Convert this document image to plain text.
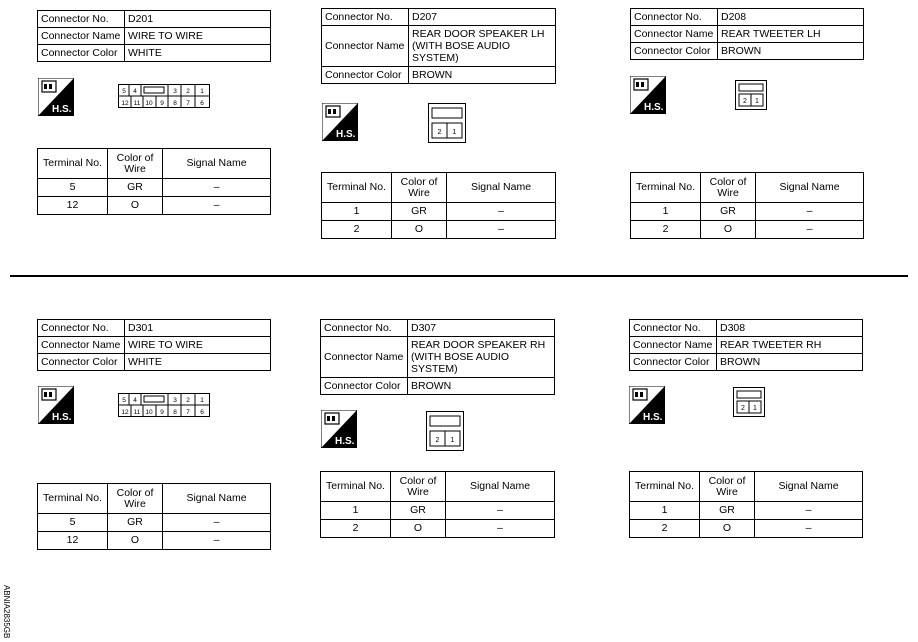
Connector No.	D201
Connector Name	WIRE TO WIRE
Connector Color	WHITE
H.S.
5 4	3 2 1
12 11 10 9 8 7 6
Terminal No.	Color of Wire	Signal Name
5	GR	–
12	O	–
Connector No.	D207
Connector Name	REAR DOOR SPEAKER LH (WITH BOSE AUDIO SYSTEM)
Connector Color	BROWN
H.S.	2 1
Terminal No.	Color of Wire	Signal Name
1	GR	–
2	O	–
Connector No.	D208
Connector Name	REAR TWEETER LH
Connector Color	BROWN
H.S.
2 1
Terminal No.	Color of Wire	Signal Name
1	GR	–
2	O	–
Connector No.	D301
Connector Name	WIRE TO WIRE
Connector Color	WHITE
H.S.
5 4	3 2 1
12 11 10 9 8 7 6
Terminal No.	Color of Wire	Signal Name
5	GR	–
12	O	–
Connector No.	D307
Connector Name	REAR DOOR SPEAKER RH (WITH BOSE AUDIO SYSTEM)
Connector Color	BROWN
H.S.	2 1
Terminal No.	Color of Wire	Signal Name
1	GR	–
2	O	–
Connector No.	D308
Connector Name	REAR TWEETER RH
Connector Color	BROWN
H.S.
2 1
Terminal No.	Color of Wire	Signal Name
1	GR	–
2	O	–
ABNIA2835GB
